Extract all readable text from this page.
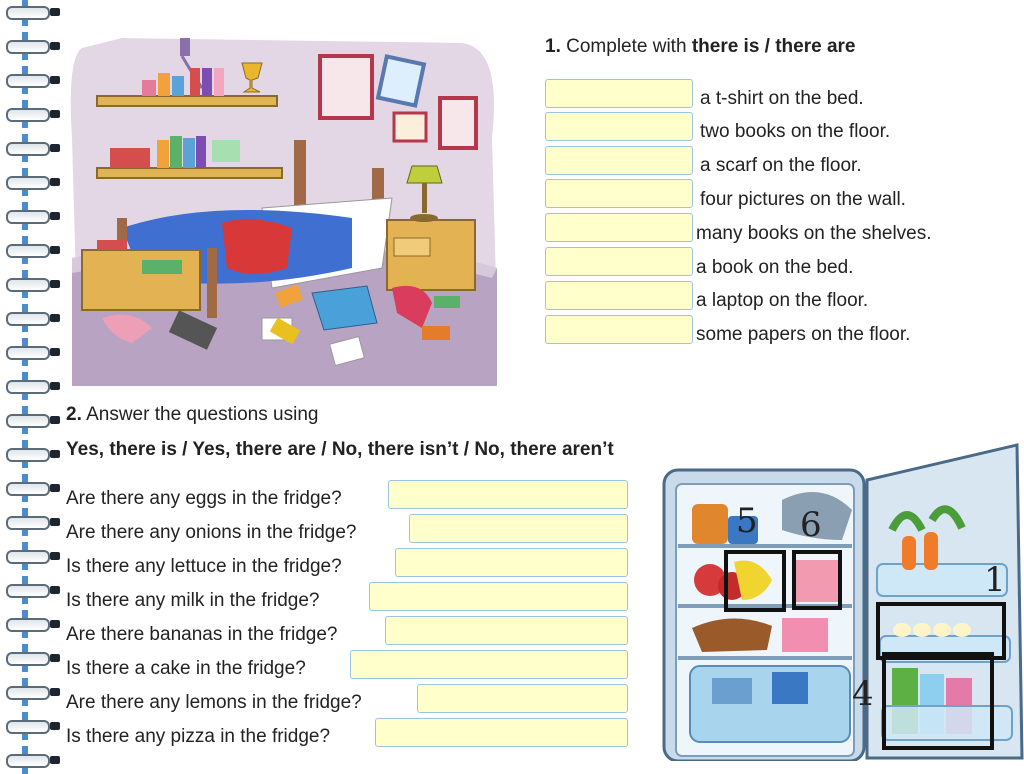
1. Complete with there is / there are
a t-shirt on the bed.
two books on the floor.
a scarf on the floor.
four pictures on the wall.
many books on the shelves.
a book on the bed.
a laptop on the floor.
some papers on the floor.
2. Answer the questions using
Yes, there is / Yes, there are / No, there isn’t / No, there aren’t
Are there any eggs in the fridge?
Are there any onions in the fridge?
Is there any lettuce in the fridge?
Is there any milk in the fridge?
Are there bananas in the fridge?
Is there a cake in the fridge?
Are there any lemons in the fridge?
Is there any pizza in the fridge?
5 6
1
4
